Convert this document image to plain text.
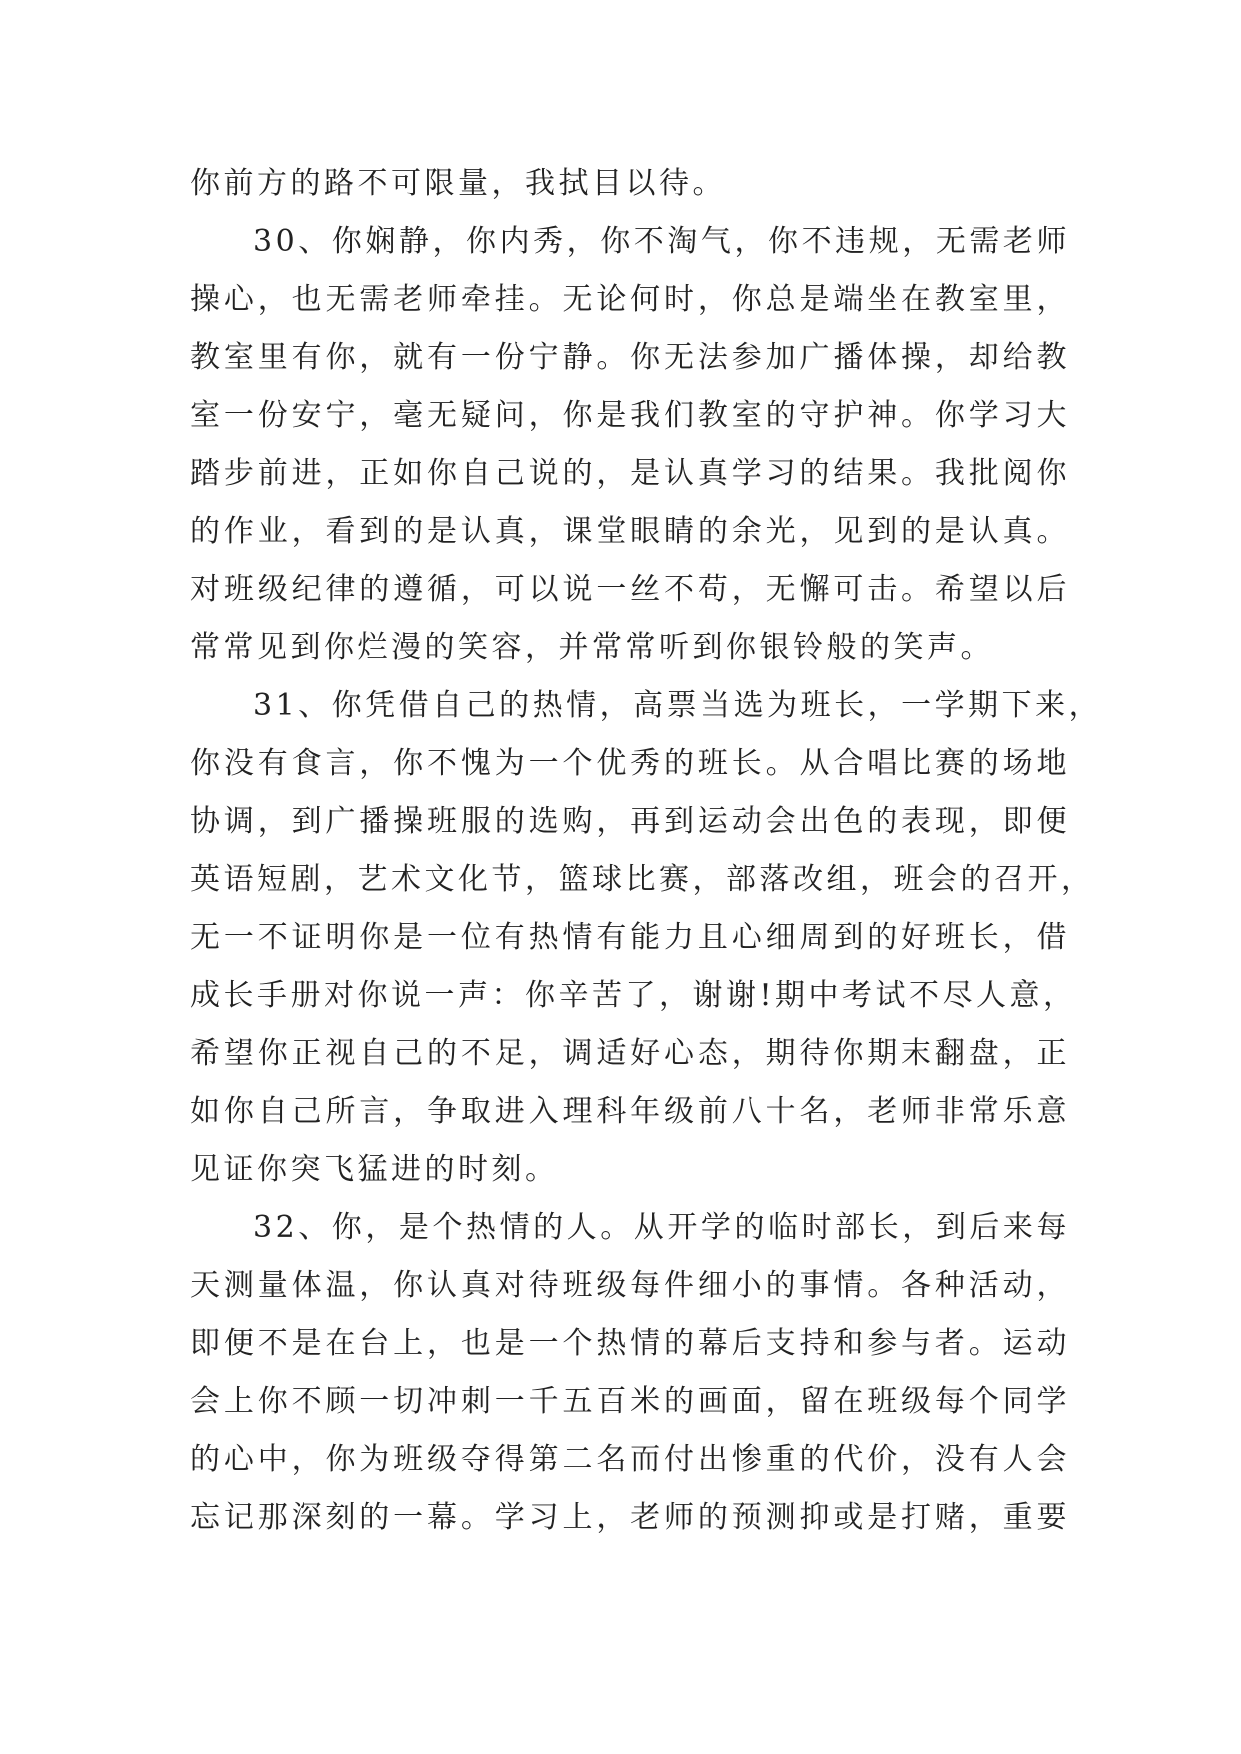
你前方的路不可限量，我拭目以待。
30、你娴静，你内秀，你不淘气，你不违规，无需老师
操心，也无需老师牵挂。无论何时，你总是端坐在教室里，
教室里有你，就有一份宁静。你无法参加广播体操，却给教
室一份安宁，毫无疑问，你是我们教室的守护神。你学习大
踏步前进，正如你自己说的，是认真学习的结果。我批阅你
的作业，看到的是认真，课堂眼睛的余光，见到的是认真。
对班级纪律的遵循，可以说一丝不苟，无懈可击。希望以后
常常见到你烂漫的笑容，并常常听到你银铃般的笑声。
31、你凭借自己的热情，高票当选为班长，一学期下来，
你没有食言，你不愧为一个优秀的班长。从合唱比赛的场地
协调，到广播操班服的选购，再到运动会出色的表现，即便
英语短剧，艺术文化节，篮球比赛，部落改组，班会的召开，
无一不证明你是一位有热情有能力且心细周到的好班长，借
成长手册对你说一声：你辛苦了，谢谢!期中考试不尽人意，
希望你正视自己的不足，调适好心态，期待你期末翻盘，正
如你自己所言，争取进入理科年级前八十名，老师非常乐意
见证你突飞猛进的时刻。
32、你，是个热情的人。从开学的临时部长，到后来每
天测量体温，你认真对待班级每件细小的事情。各种活动，
即便不是在台上，也是一个热情的幕后支持和参与者。运动
会上你不顾一切冲刺一千五百米的画面，留在班级每个同学
的心中，你为班级夺得第二名而付出惨重的代价，没有人会
忘记那深刻的一幕。学习上，老师的预测抑或是打赌，重要
